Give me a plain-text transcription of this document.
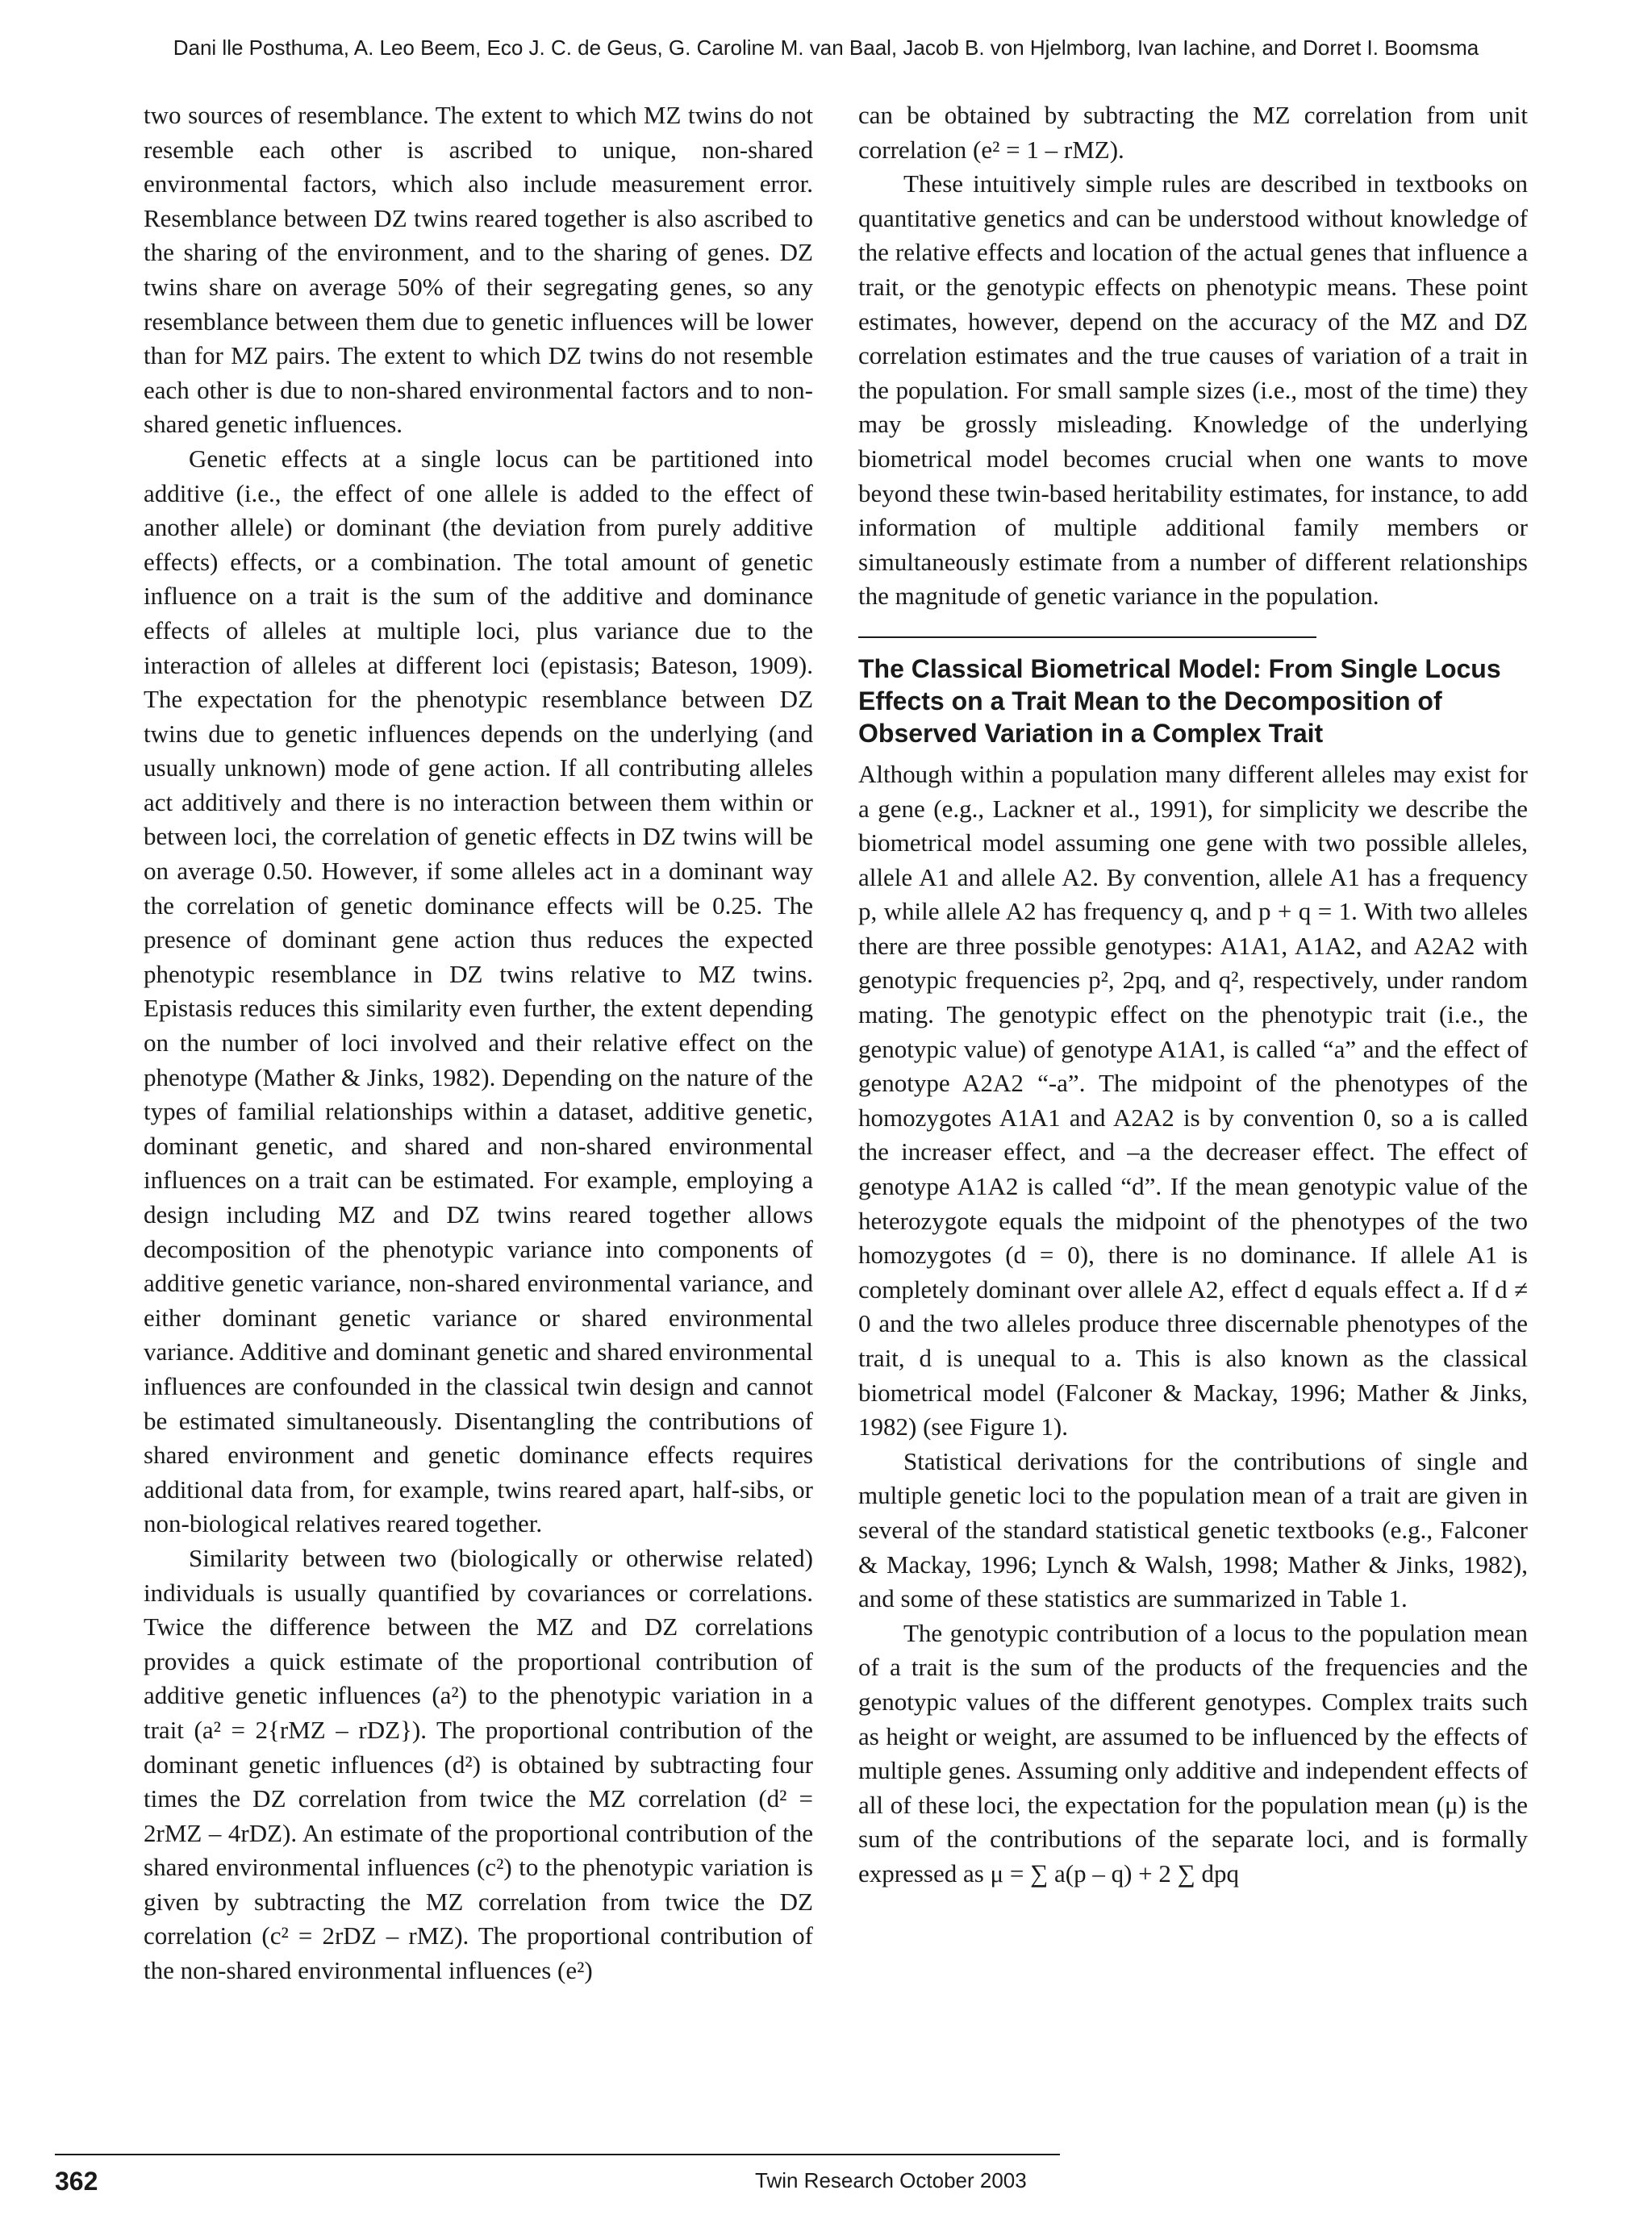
Dani lle Posthuma, A. Leo Beem, Eco J. C. de Geus, G. Caroline M. van Baal, Jacob B. von Hjelmborg, Ivan Iachine, and Dorret I. Boomsma

two sources of resemblance. The extent to which MZ twins do not resemble each other is ascribed to unique, non-shared environmental factors, which also include measurement error. Resemblance between DZ twins reared together is also ascribed to the sharing of the environment, and to the sharing of genes. DZ twins share on average 50% of their segregating genes, so any resemblance between them due to genetic influences will be lower than for MZ pairs. The extent to which DZ twins do not resemble each other is due to non-shared environmental factors and to non-shared genetic influences.

Genetic effects at a single locus can be partitioned into additive (i.e., the effect of one allele is added to the effect of another allele) or dominant (the deviation from purely additive effects) effects, or a combination. The total amount of genetic influence on a trait is the sum of the additive and dominance effects of alleles at multiple loci, plus variance due to the interaction of alleles at different loci (epistasis; Bateson, 1909). The expectation for the phenotypic resemblance between DZ twins due to genetic influences depends on the underlying (and usually unknown) mode of gene action. If all contributing alleles act additively and there is no interaction between them within or between loci, the correlation of genetic effects in DZ twins will be on average 0.50. However, if some alleles act in a dominant way the correlation of genetic dominance effects will be 0.25. The presence of dominant gene action thus reduces the expected phenotypic resemblance in DZ twins relative to MZ twins. Epistasis reduces this similarity even further, the extent depending on the number of loci involved and their relative effect on the phenotype (Mather & Jinks, 1982). Depending on the nature of the types of familial relationships within a dataset, additive genetic, dominant genetic, and shared and non-shared environmental influences on a trait can be estimated. For example, employing a design including MZ and DZ twins reared together allows decomposition of the phenotypic variance into components of additive genetic variance, non-shared environmental variance, and either dominant genetic variance or shared environmental variance. Additive and dominant genetic and shared environmental influences are confounded in the classical twin design and cannot be estimated simultaneously. Disentangling the contributions of shared environment and genetic dominance effects requires additional data from, for example, twins reared apart, half-sibs, or non-biological relatives reared together.

Similarity between two (biologically or otherwise related) individuals is usually quantified by covariances or correlations. Twice the difference between the MZ and DZ correlations provides a quick estimate of the proportional contribution of additive genetic influences (a²) to the phenotypic variation in a trait (a² = 2{rMZ – rDZ}). The proportional contribution of the dominant genetic influences (d²) is obtained by subtracting four times the DZ correlation from twice the MZ correlation (d² = 2rMZ – 4rDZ). An estimate of the proportional contribution of the shared environmental influences (c²) to the phenotypic variation is given by subtracting the MZ correlation from twice the DZ correlation (c² = 2rDZ – rMZ). The proportional contribution of the non-shared environmental influences (e²)

can be obtained by subtracting the MZ correlation from unit correlation (e² = 1 – rMZ).

These intuitively simple rules are described in textbooks on quantitative genetics and can be understood without knowledge of the relative effects and location of the actual genes that influence a trait, or the genotypic effects on phenotypic means. These point estimates, however, depend on the accuracy of the MZ and DZ correlation estimates and the true causes of variation of a trait in the population. For small sample sizes (i.e., most of the time) they may be grossly misleading. Knowledge of the underlying biometrical model becomes crucial when one wants to move beyond these twin-based heritability estimates, for instance, to add information of multiple additional family members or simultaneously estimate from a number of different relationships the magnitude of genetic variance in the population.

The Classical Biometrical Model: From Single Locus Effects on a Trait Mean to the Decomposition of Observed Variation in a Complex Trait

Although within a population many different alleles may exist for a gene (e.g., Lackner et al., 1991), for simplicity we describe the biometrical model assuming one gene with two possible alleles, allele A1 and allele A2. By convention, allele A1 has a frequency p, while allele A2 has frequency q, and p + q = 1. With two alleles there are three possible genotypes: A1A1, A1A2, and A2A2 with genotypic frequencies p², 2pq, and q², respectively, under random mating. The genotypic effect on the phenotypic trait (i.e., the genotypic value) of genotype A1A1, is called “a” and the effect of genotype A2A2 “-a”. The midpoint of the phenotypes of the homozygotes A1A1 and A2A2 is by convention 0, so a is called the increaser effect, and –a the decreaser effect. The effect of genotype A1A2 is called “d”. If the mean genotypic value of the heterozygote equals the midpoint of the phenotypes of the two homozygotes (d = 0), there is no dominance. If allele A1 is completely dominant over allele A2, effect d equals effect a. If d ≠ 0 and the two alleles produce three discernable phenotypes of the trait, d is unequal to a. This is also known as the classical biometrical model (Falconer & Mackay, 1996; Mather & Jinks, 1982) (see Figure 1).

Statistical derivations for the contributions of single and multiple genetic loci to the population mean of a trait are given in several of the standard statistical genetic textbooks (e.g., Falconer & Mackay, 1996; Lynch & Walsh, 1998; Mather & Jinks, 1982), and some of these statistics are summarized in Table 1.

The genotypic contribution of a locus to the population mean of a trait is the sum of the products of the frequencies and the genotypic values of the different genotypes. Complex traits such as height or weight, are assumed to be influenced by the effects of multiple genes. Assuming only additive and independent effects of all of these loci, the expectation for the population mean (μ) is the sum of the contributions of the separate loci, and is formally expressed as μ = ∑ a(p – q) + 2 ∑ dpq

362	Twin Research October 2003
